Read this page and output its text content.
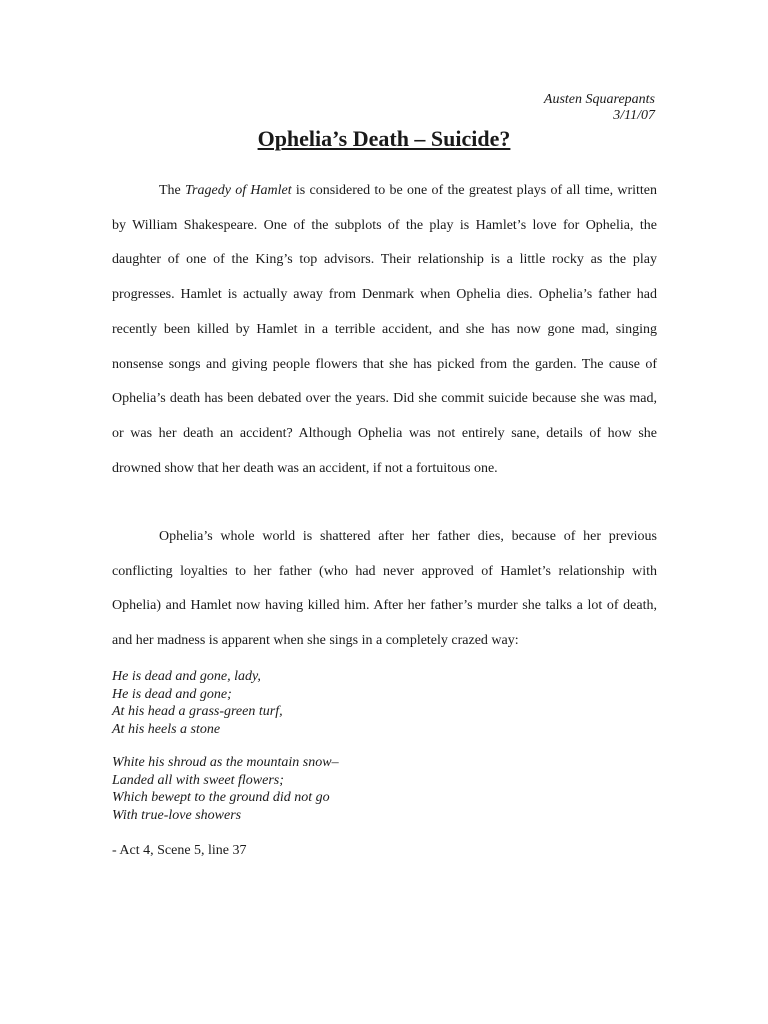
Austen Squarepants
3/11/07
Ophelia’s Death – Suicide?

The Tragedy of Hamlet is considered to be one of the greatest plays of all time, written by William Shakespeare. One of the subplots of the play is Hamlet’s love for Ophelia, the daughter of one of the King’s top advisors. Their relationship is a little rocky as the play progresses. Hamlet is actually away from Denmark when Ophelia dies. Ophelia’s father had recently been killed by Hamlet in a terrible accident, and she has now gone mad, singing nonsense songs and giving people flowers that she has picked from the garden. The cause of Ophelia’s death has been debated over the years. Did she commit suicide because she was mad, or was her death an accident? Although Ophelia was not entirely sane, details of how she drowned show that her death was an accident, if not a fortuitous one.

Ophelia’s whole world is shattered after her father dies, because of her previous conflicting loyalties to her father (who had never approved of Hamlet’s relationship with Ophelia) and Hamlet now having killed him. After her father’s murder she talks a lot of death, and her madness is apparent when she sings in a completely crazed way:

He is dead and gone, lady,
He is dead and gone;
At his head a grass-green turf,
At his heels a stone
White his shroud as the mountain snow–
Landed all with sweet flowers;
Which bewept to the ground did not go
With true-love showers
- Act 4, Scene 5, line 37
